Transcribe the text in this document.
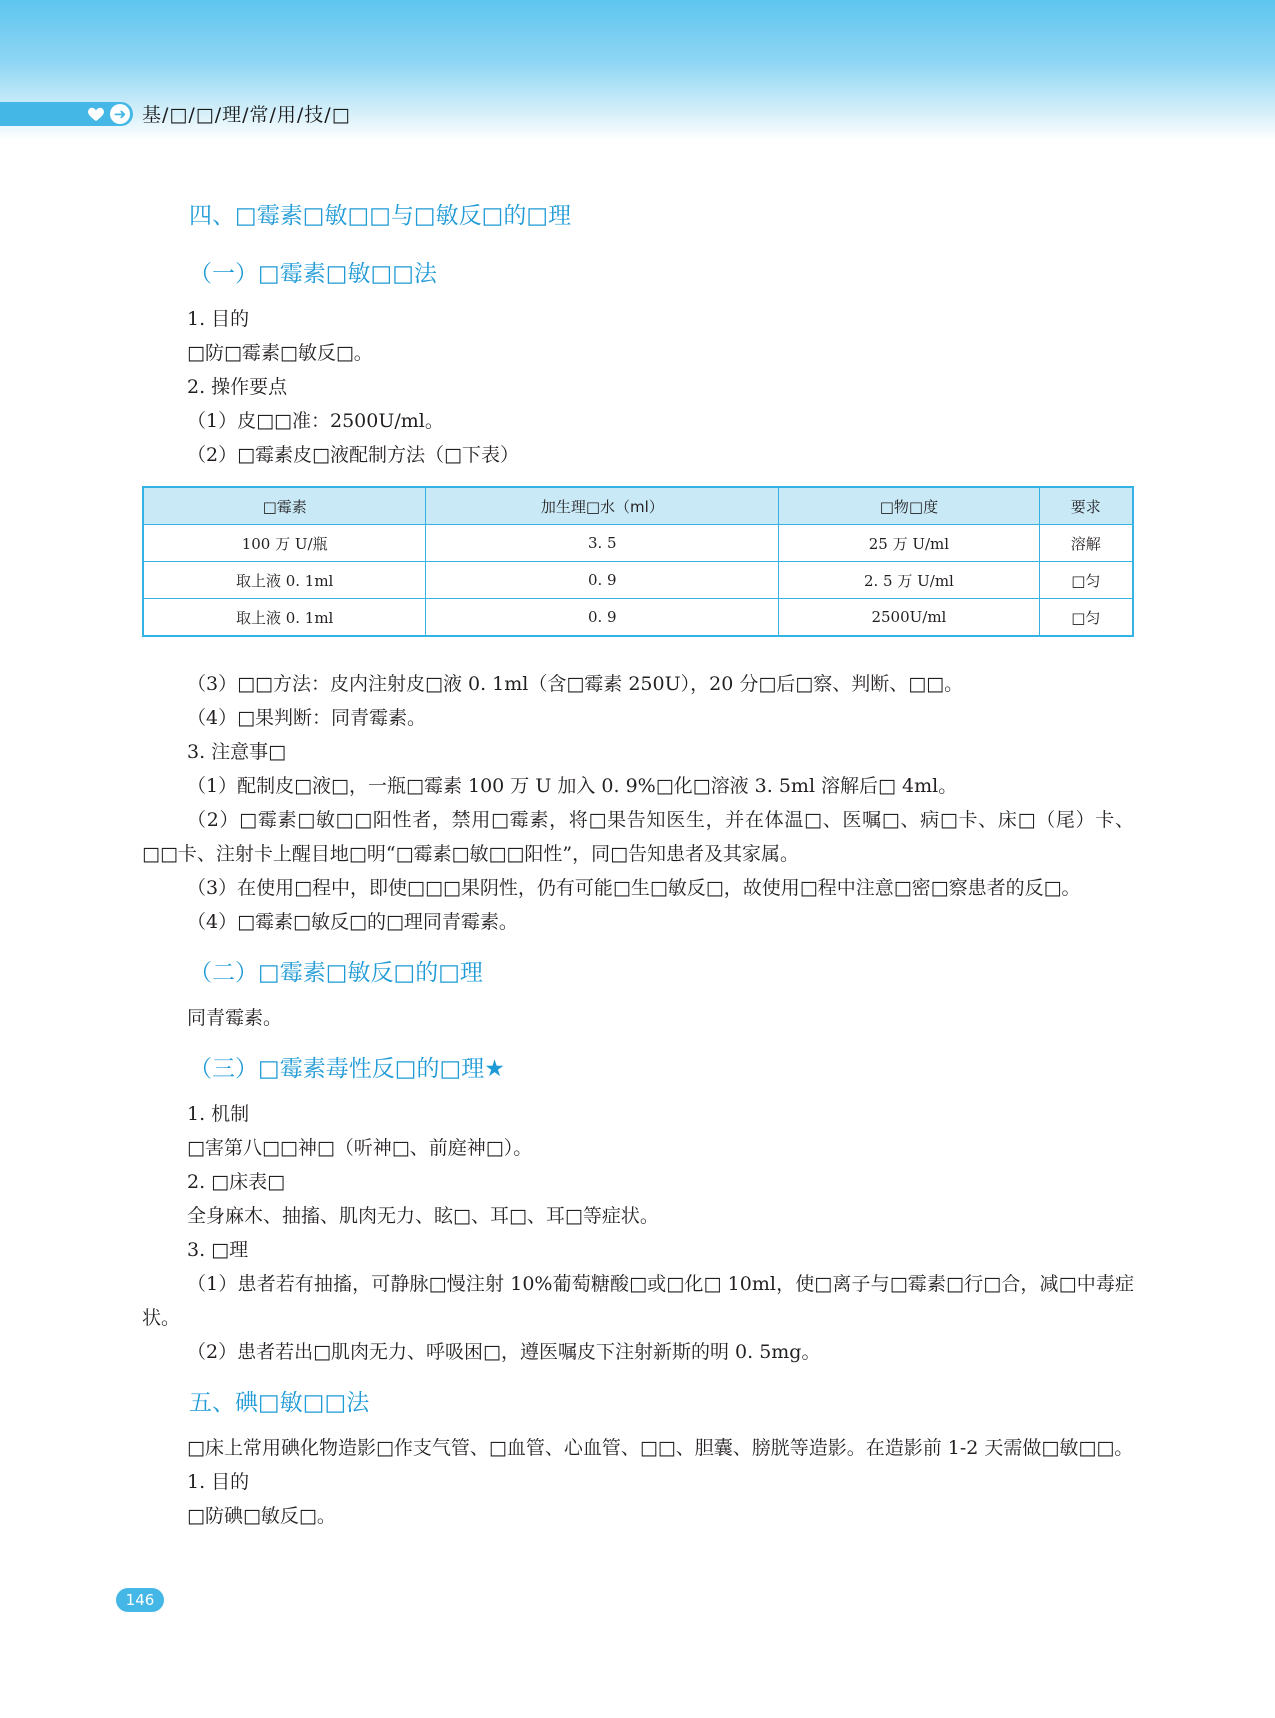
➜ 基/□/□/理/常/用/技/□
四、□霉素□敏□□与□敏反□的□理
（一）□霉素□敏□□法

1. 目的

□防□霉素□敏反□。

2. 操作要点

（1）皮□□准：2500U/ml。

（2）□霉素皮□液配制方法（□下表）

□霉素	加生理□水（ml）	□物□度	要求
100 万 U/瓶	3. 5	25 万 U/ml	溶解
取上液 0. 1ml	0. 9	2. 5 万 U/ml	□匀
取上液 0. 1ml	0. 9	2500U/ml	□匀

（3）□□方法：皮内注射皮□液 0. 1ml（含□霉素 250U），20 分□后□察、判断、□□。

（4）□果判断：同青霉素。

3. 注意事□

（1）配制皮□液□，一瓶□霉素 100 万 U 加入 0. 9%□化□溶液 3. 5ml 溶解后□ 4ml。

（2）□霉素□敏□□阳性者，禁用□霉素，将□果告知医生，并在体温□、医嘱□、病□卡、床□（尾）卡、□□卡、注射卡上醒目地□明“□霉素□敏□□阳性”，同□告知患者及其家属。

（3）在使用□程中，即使□□□果阴性，仍有可能□生□敏反□，故使用□程中注意□密□察患者的反□。

（4）□霉素□敏反□的□理同青霉素。

（二）□霉素□敏反□的□理

同青霉素。

（三）□霉素毒性反□的□理★

1. 机制

□害第八□□神□（听神□、前庭神□）。

2. □床表□

全身麻木、抽搐、肌肉无力、眩□、耳□、耳□等症状。

3. □理

（1）患者若有抽搐，可静脉□慢注射 10%葡萄糖酸□或□化□ 10ml，使□离子与□霉素□行□合，减□中毒症状。

（2）患者若出□肌肉无力、呼吸困□，遵医嘱皮下注射新斯的明 0. 5mg。

五、碘□敏□□法

□床上常用碘化物造影□作支气管、□血管、心血管、□□、胆囊、膀胱等造影。在造影前 1-2 天需做□敏□□。

1. 目的

□防碘□敏反□。

146
